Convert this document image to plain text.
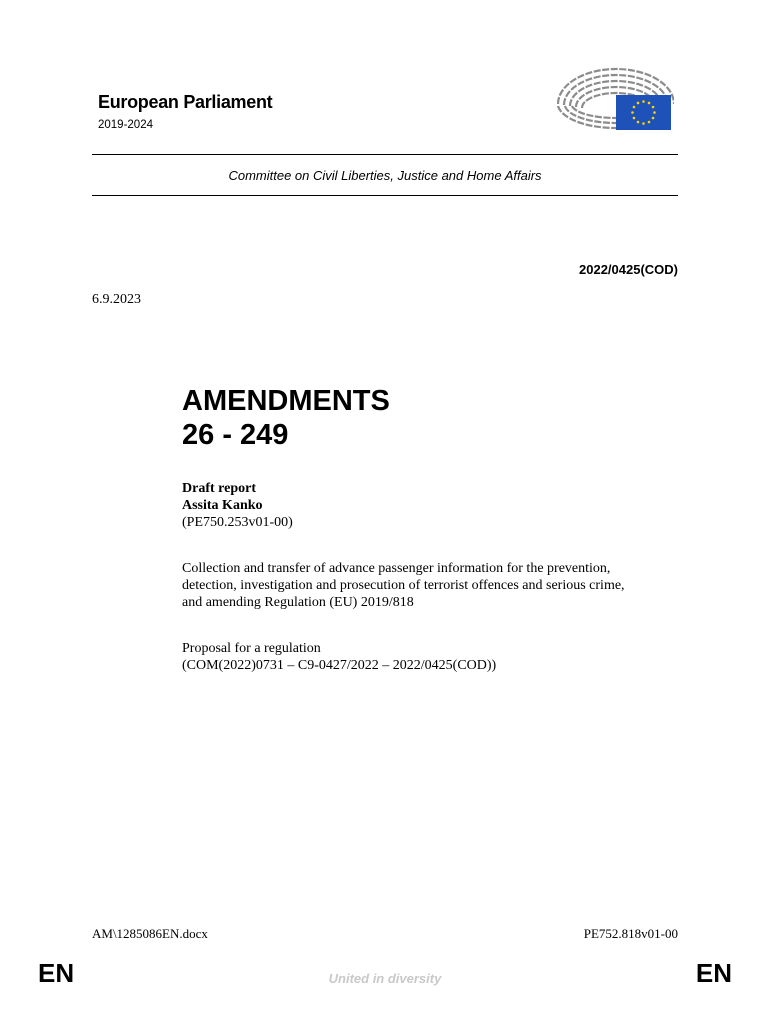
European Parliament
2019-2024
Committee on Civil Liberties, Justice and Home Affairs
2022/0425(COD)
6.9.2023
AMENDMENTS
26 - 249
Draft report
Assita Kanko
(PE750.253v01-00)
Collection and transfer of advance passenger information for the prevention,
detection, investigation and prosecution of terrorist offences and serious crime,
and amending Regulation (EU) 2019/818
Proposal for a regulation
(COM(2022)0731 – C9-0427/2022 – 2022/0425(COD))
AM\1285086EN.docx	PE752.818v01-00
EN	United in diversity	EN
